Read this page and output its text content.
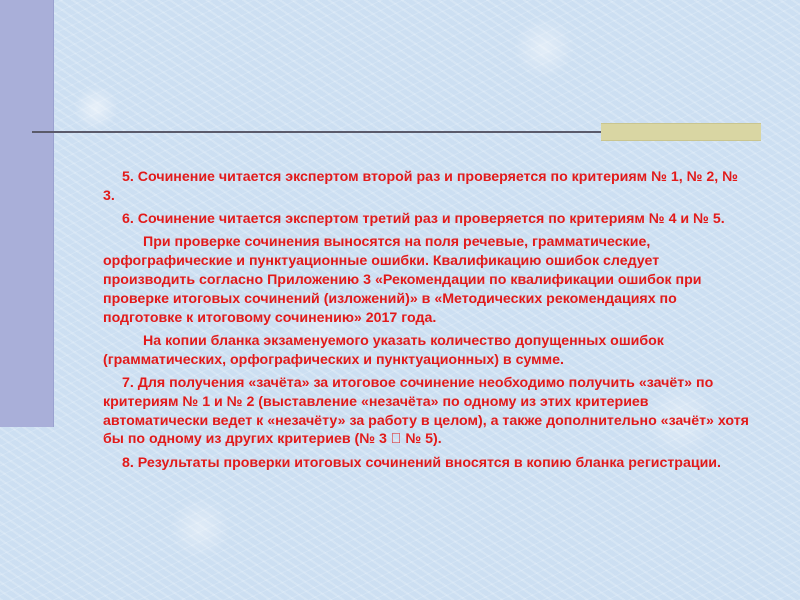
5. Сочинение читается экспертом второй раз и проверяется по критериям № 1, № 2, № 3.

6. Сочинение читается экспертом третий раз и проверяется по критериям № 4 и № 5.

При проверке сочинения выносятся на поля речевые, грамматические, орфографические и пунктуационные ошибки. Квалификацию ошибок следует производить согласно Приложению 3 «Рекомендации по квалификации ошибок при проверке итоговых сочинений (изложений)» в «Методических рекомендациях по подготовке к итоговому сочинению» 2017 года.

На копии бланка экзаменуемого указать количество допущенных ошибок (грамматических, орфографических и пунктуационных) в сумме.

7. Для получения «зачёта» за итоговое сочинение необходимо получить «зачёт» по критериям № 1 и № 2 (выставление «незачёта» по одному из этих критериев автоматически ведет к «незачёту» за работу в целом), а также дополнительно «зачёт» хотя бы по одному из других критериев (№ 3 № 5).

8. Результаты проверки итоговых сочинений вносятся в копию бланка регистрации.
